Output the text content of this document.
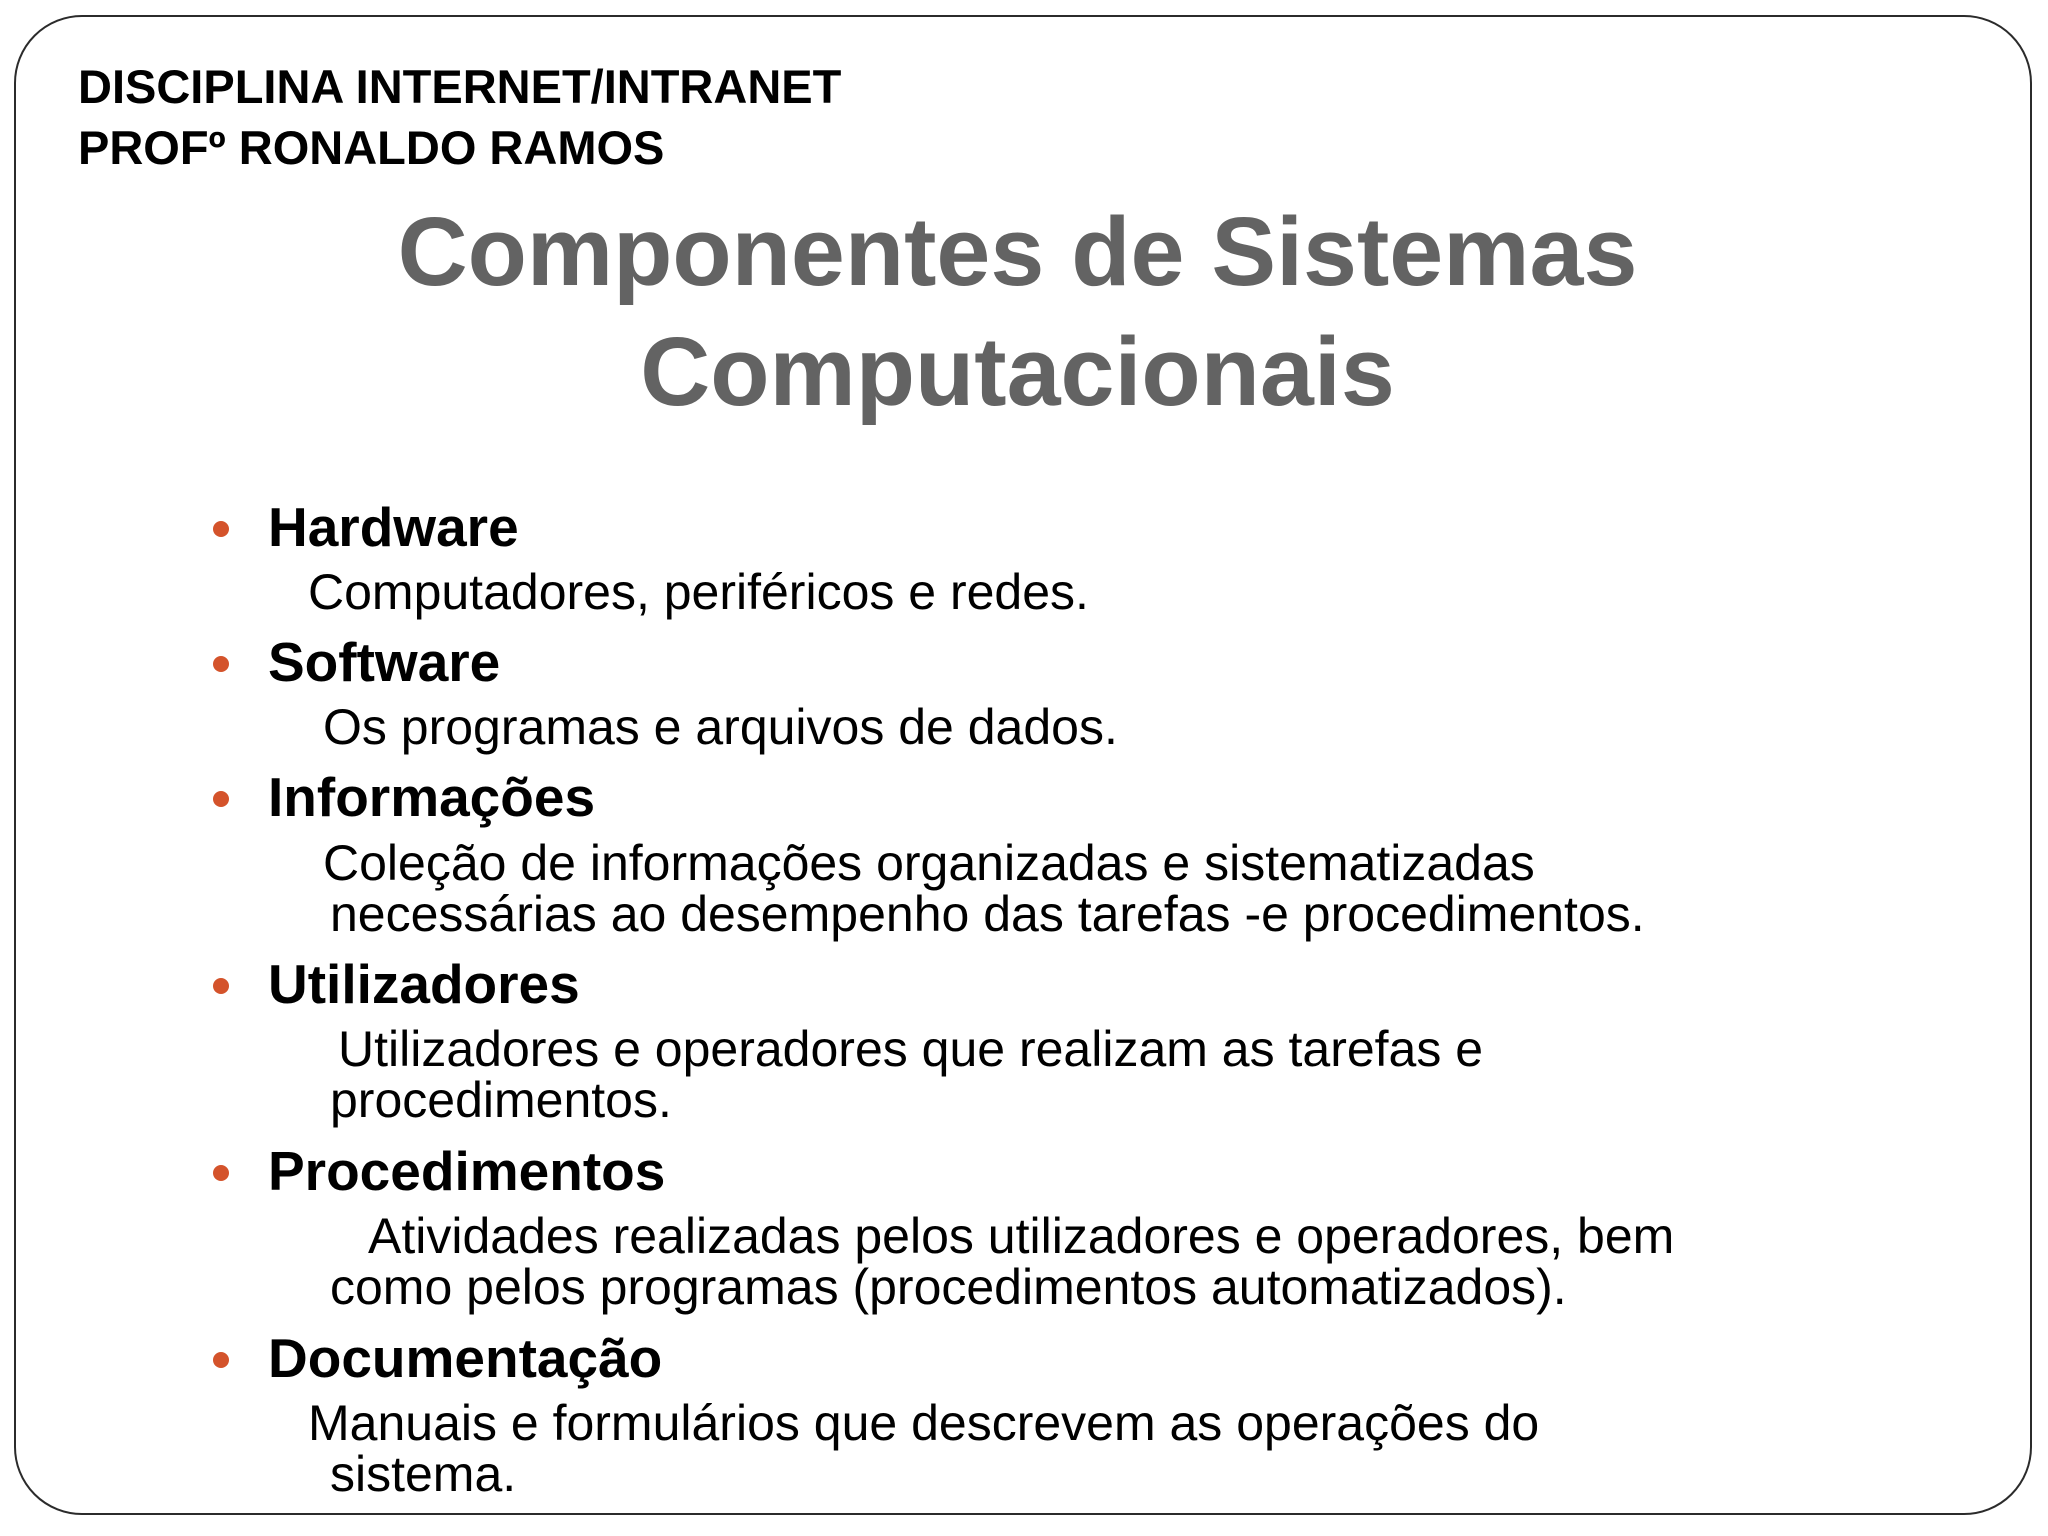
DISCIPLINA INTERNET/INTRANET
PROFº RONALDO RAMOS
Componentes de Sistemas
Computacionais
Hardware
Computadores, periféricos e redes.
Software
Os programas e arquivos de dados.
Informações
Coleção de informações organizadas e sistematizadas
necessárias ao desempenho das tarefas -e procedimentos.
Utilizadores
Utilizadores e operadores que realizam as tarefas e
procedimentos.
Procedimentos
Atividades realizadas pelos utilizadores e operadores, bem
como pelos programas (procedimentos automatizados).
Documentação
Manuais e formulários que descrevem as operações do
sistema.
